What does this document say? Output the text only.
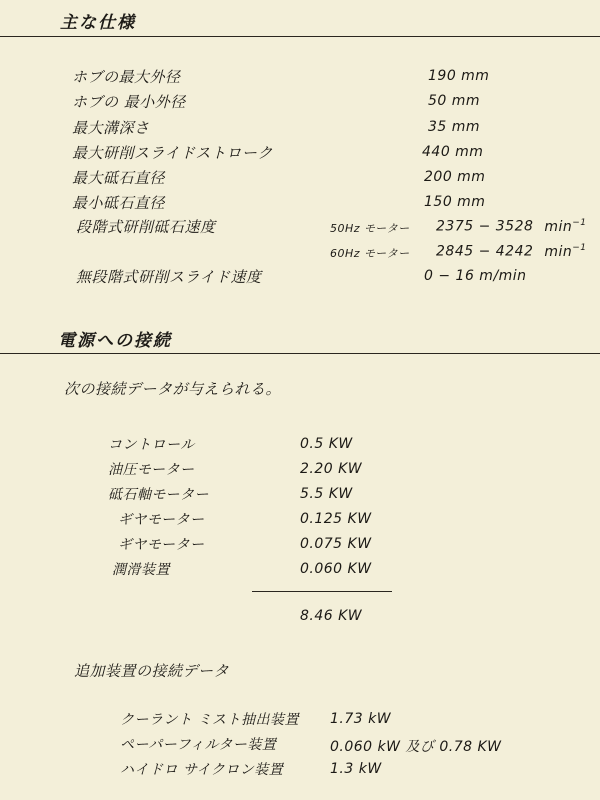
主な仕様
ホブの最大外径	190 mm
ホブの 最小外径	50 mm
最大溝深さ	35 mm
最大研削スライドストローク	440 mm
最大砥石直径	200 mm
最小砥石直径	150 mm
段階式研削砥石速度	50Hz モーター 2375 − 3528 $\min^{-1}$
60Hz モーター 2845 − 4242 $\min^{-1}$
無段階式研削スライド速度	0 − 16 m/min
電源への接続
次の接続データが与えられる。
コントロール	0.5 KW
油圧モーター	2.20 KW
砥石軸モーター	5.5 KW
ギヤモーター	0.125 KW
ギヤモーター	0.075 KW
潤滑装置	0.060 KW
8.46 KW
追加装置の接続データ
クーラント ミスト抽出装置 1.73 kW
ペーパーフィルター装置	0.060 kW 及び 0.78 KW
ハイドロ サイクロン装置	1.3 kW
